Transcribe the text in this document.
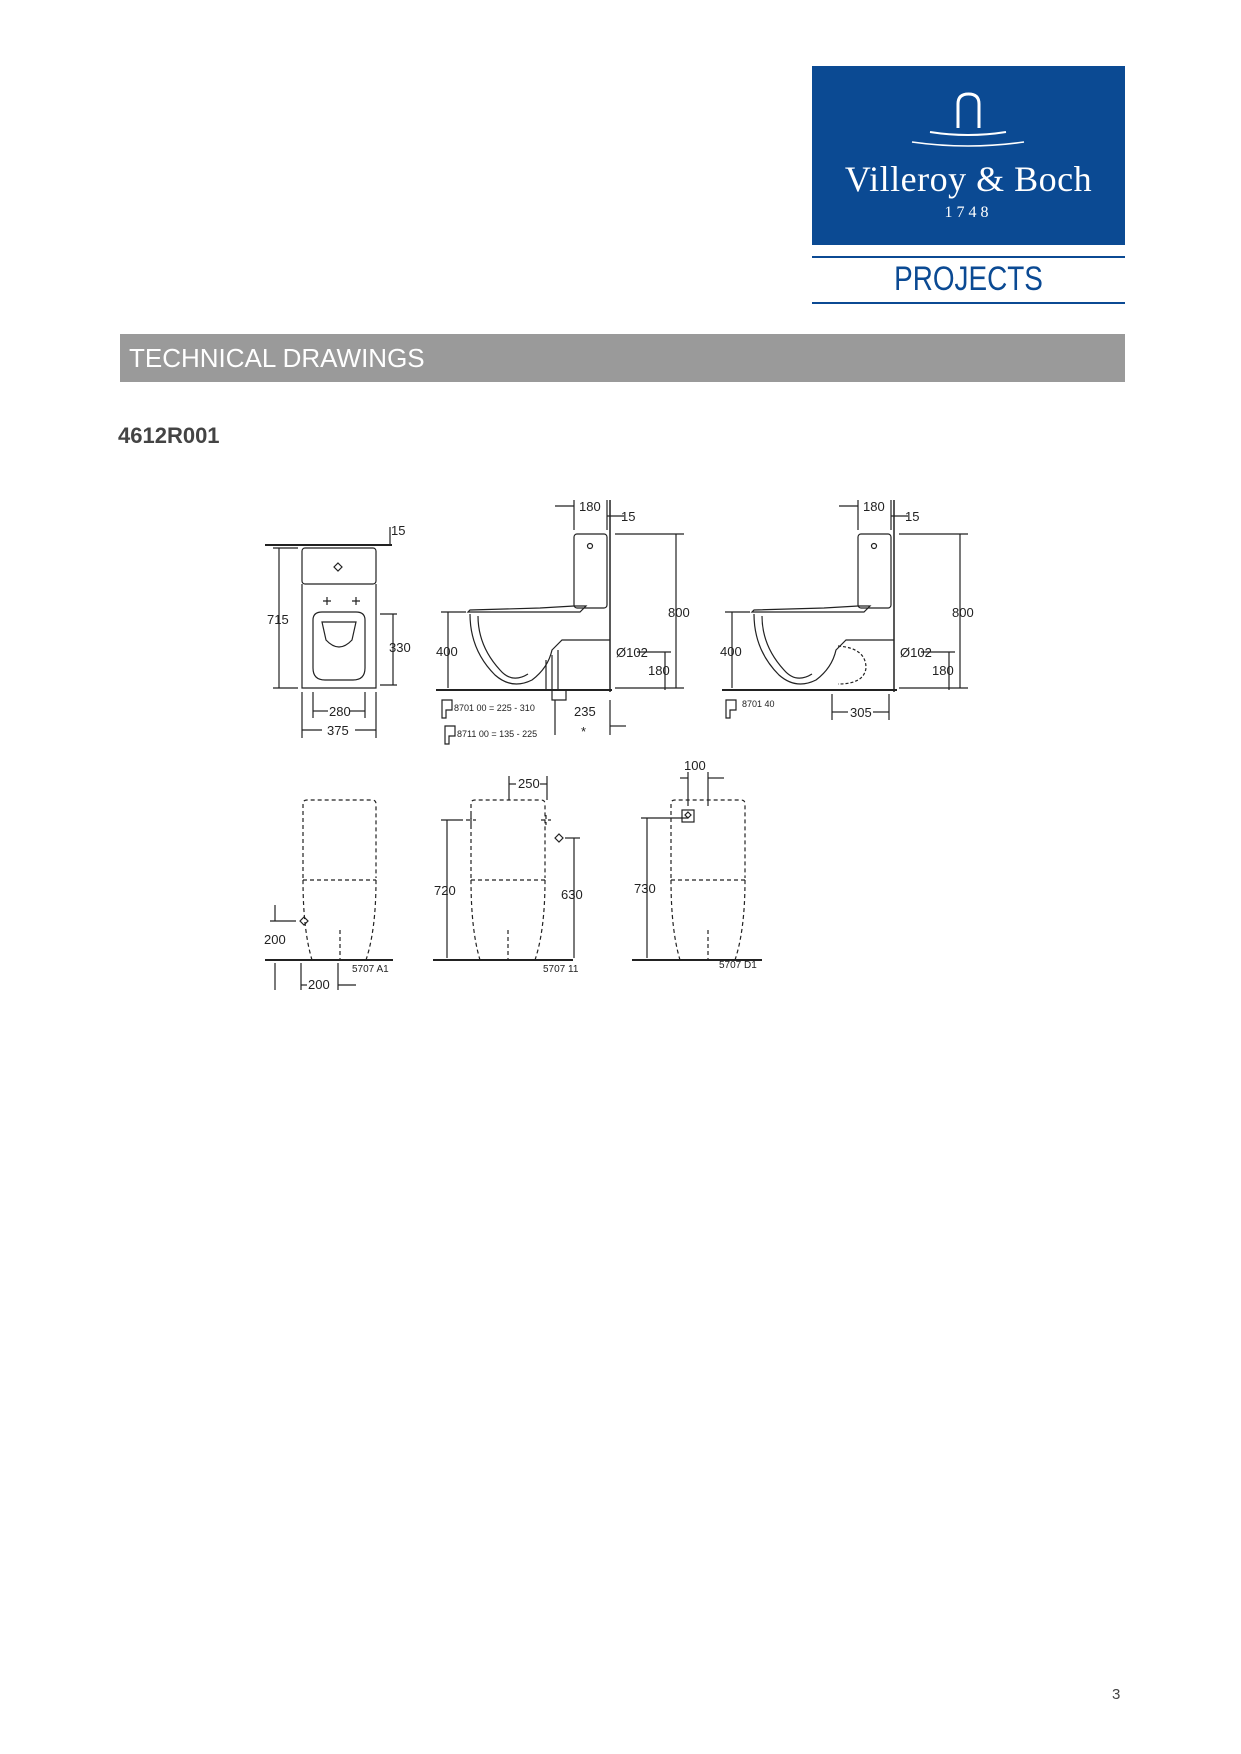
Villeroy & Boch
1748
PROJECTS
TECHNICAL DRAWINGS
4612R001
15
715
330
280
375
180
15
800
400	Ø102
180
235
*
8701 00 = 225 - 310
8711 00 = 135 - 225
180
15
800
400	Ø102
180
305
8701 40
200
200
5707 A1
250
720	630
5707 11
100
730
5707 D1
3
